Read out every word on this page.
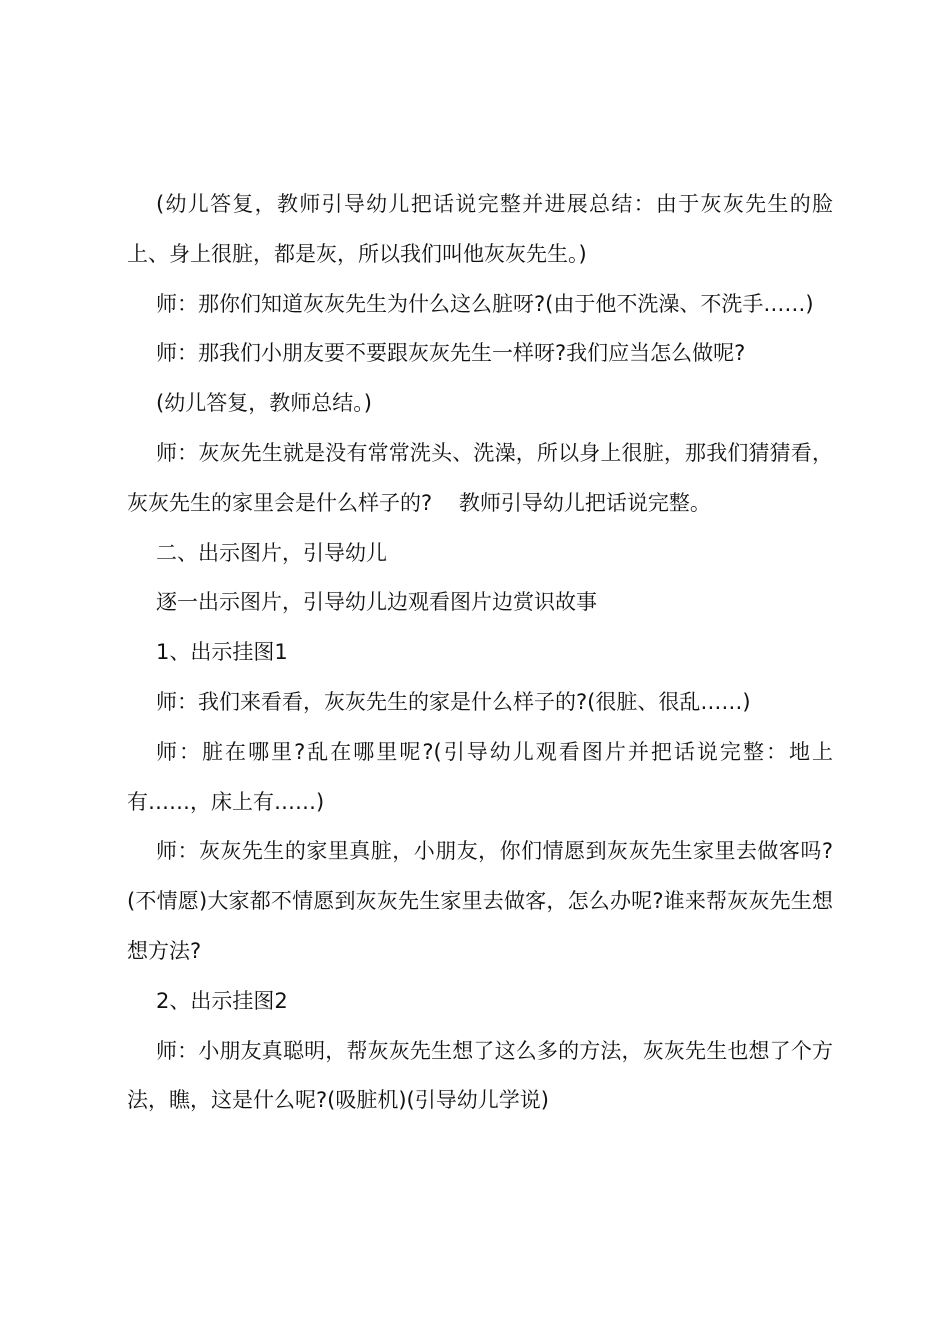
(幼儿答复，教师引导幼儿把话说完整并进展总结：由于灰灰先生的脸上、身上很脏，都是灰，所以我们叫他灰灰先生。)

师：那你们知道灰灰先生为什么这么脏呀?(由于他不洗澡、不洗手……)

师：那我们小朋友要不要跟灰灰先生一样呀?我们应当怎么做呢?

(幼儿答复，教师总结。)

师：灰灰先生就是没有常常洗头、洗澡，所以身上很脏，那我们猜猜看，灰灰先生的家里会是什么样子的?    教师引导幼儿把话说完整。

二、出示图片，引导幼儿

逐一出示图片，引导幼儿边观看图片边赏识故事

1、出示挂图1

师：我们来看看，灰灰先生的家是什么样子的?(很脏、很乱……)

师：脏在哪里?乱在哪里呢?(引导幼儿观看图片并把话说完整：地上有……，床上有……)

师：灰灰先生的家里真脏，小朋友，你们情愿到灰灰先生家里去做客吗?(不情愿)大家都不情愿到灰灰先生家里去做客，怎么办呢?谁来帮灰灰先生想想方法?

2、出示挂图2

师：小朋友真聪明，帮灰灰先生想了这么多的方法，灰灰先生也想了个方法，瞧，这是什么呢?(吸脏机)(引导幼儿学说)
